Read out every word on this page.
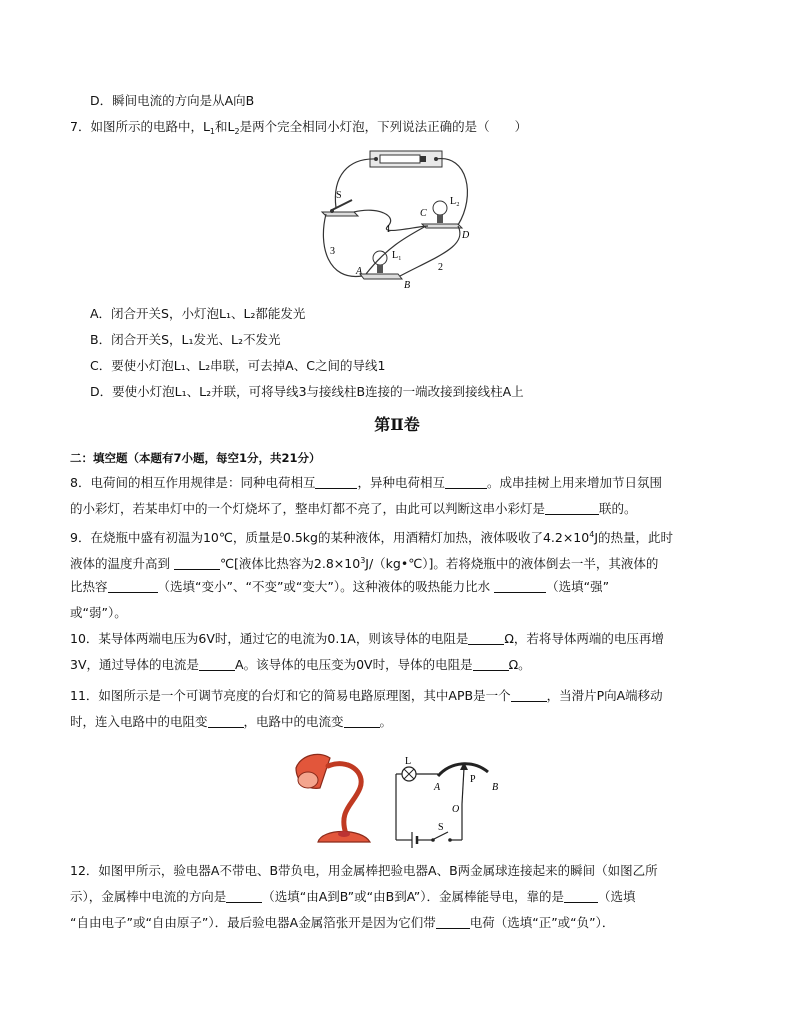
D．瞬间电流的方向是从A向B
7．如图所示的电路中，$L_1$和$L_2$是两个完全相同小灯泡，下列说法正确的是（　　）
S
C
L₂
D
1
3
A
L₁
2
B
A．闭合开关S，小灯泡L₁、L₂都能发光
B．闭合开关S，L₁发光、L₂不发光
C．要使小灯泡L₁、L₂串联，可去掉A、C之间的导线1
D．要使小灯泡L₁、L₂并联，可将导线3与接线柱B连接的一端改接到接线柱A上
第Ⅱ卷
二：填空题（本题有7小题，每空1分，共21分）
8．电荷间的相互作用规律是：同种电荷相互	，异种电荷相互	。成串挂树上用来增加节日氛围
的小彩灯，若某串灯中的一个灯烧坏了，整串灯都不亮了，由此可以判断这串小彩灯是	联的。
9．在烧瓶中盛有初温为10℃，质量是0.5kg的某种液体，用酒精灯加热，液体吸收了$4.2\times 10^4J$的热量，此时
液体的温度升高到	℃[液体比热容为$2.8\times 10^3J/(kg•℃)$]。若将烧瓶中的液体倒去一半，其液体的
比热容	（选填“变小”、“不变”或“变大”）。这种液体的吸热能力比水	（选填“强”
或“弱”）。
10．某导体两端电压为6V时，通过它的电流为0.1A，则该导体的电阻是	Ω，若将导体两端的电压再增
3V，通过导体的电流是	A。该导体的电压变为0V时，导体的电阻是	Ω。
11．如图所示是一个可调节亮度的台灯和它的简易电路原理图，其中APB是一个	，当滑片P向A端移动
时，连入电路中的电阻变	，电路中的电流变	。
L
A
P
B
O
S
12．如图甲所示，验电器A不带电、B带负电，用金属棒把验电器A、B两金属球连接起来的瞬间（如图乙所
示），金属棒中电流的方向是	（选填“由A到B”或“由B到A”）．金属棒能导电，靠的是	（选填
“自由电子”或“自由原子”）．最后验电器A金属箔张开是因为它们带	电荷（选填“正”或“负”）．
